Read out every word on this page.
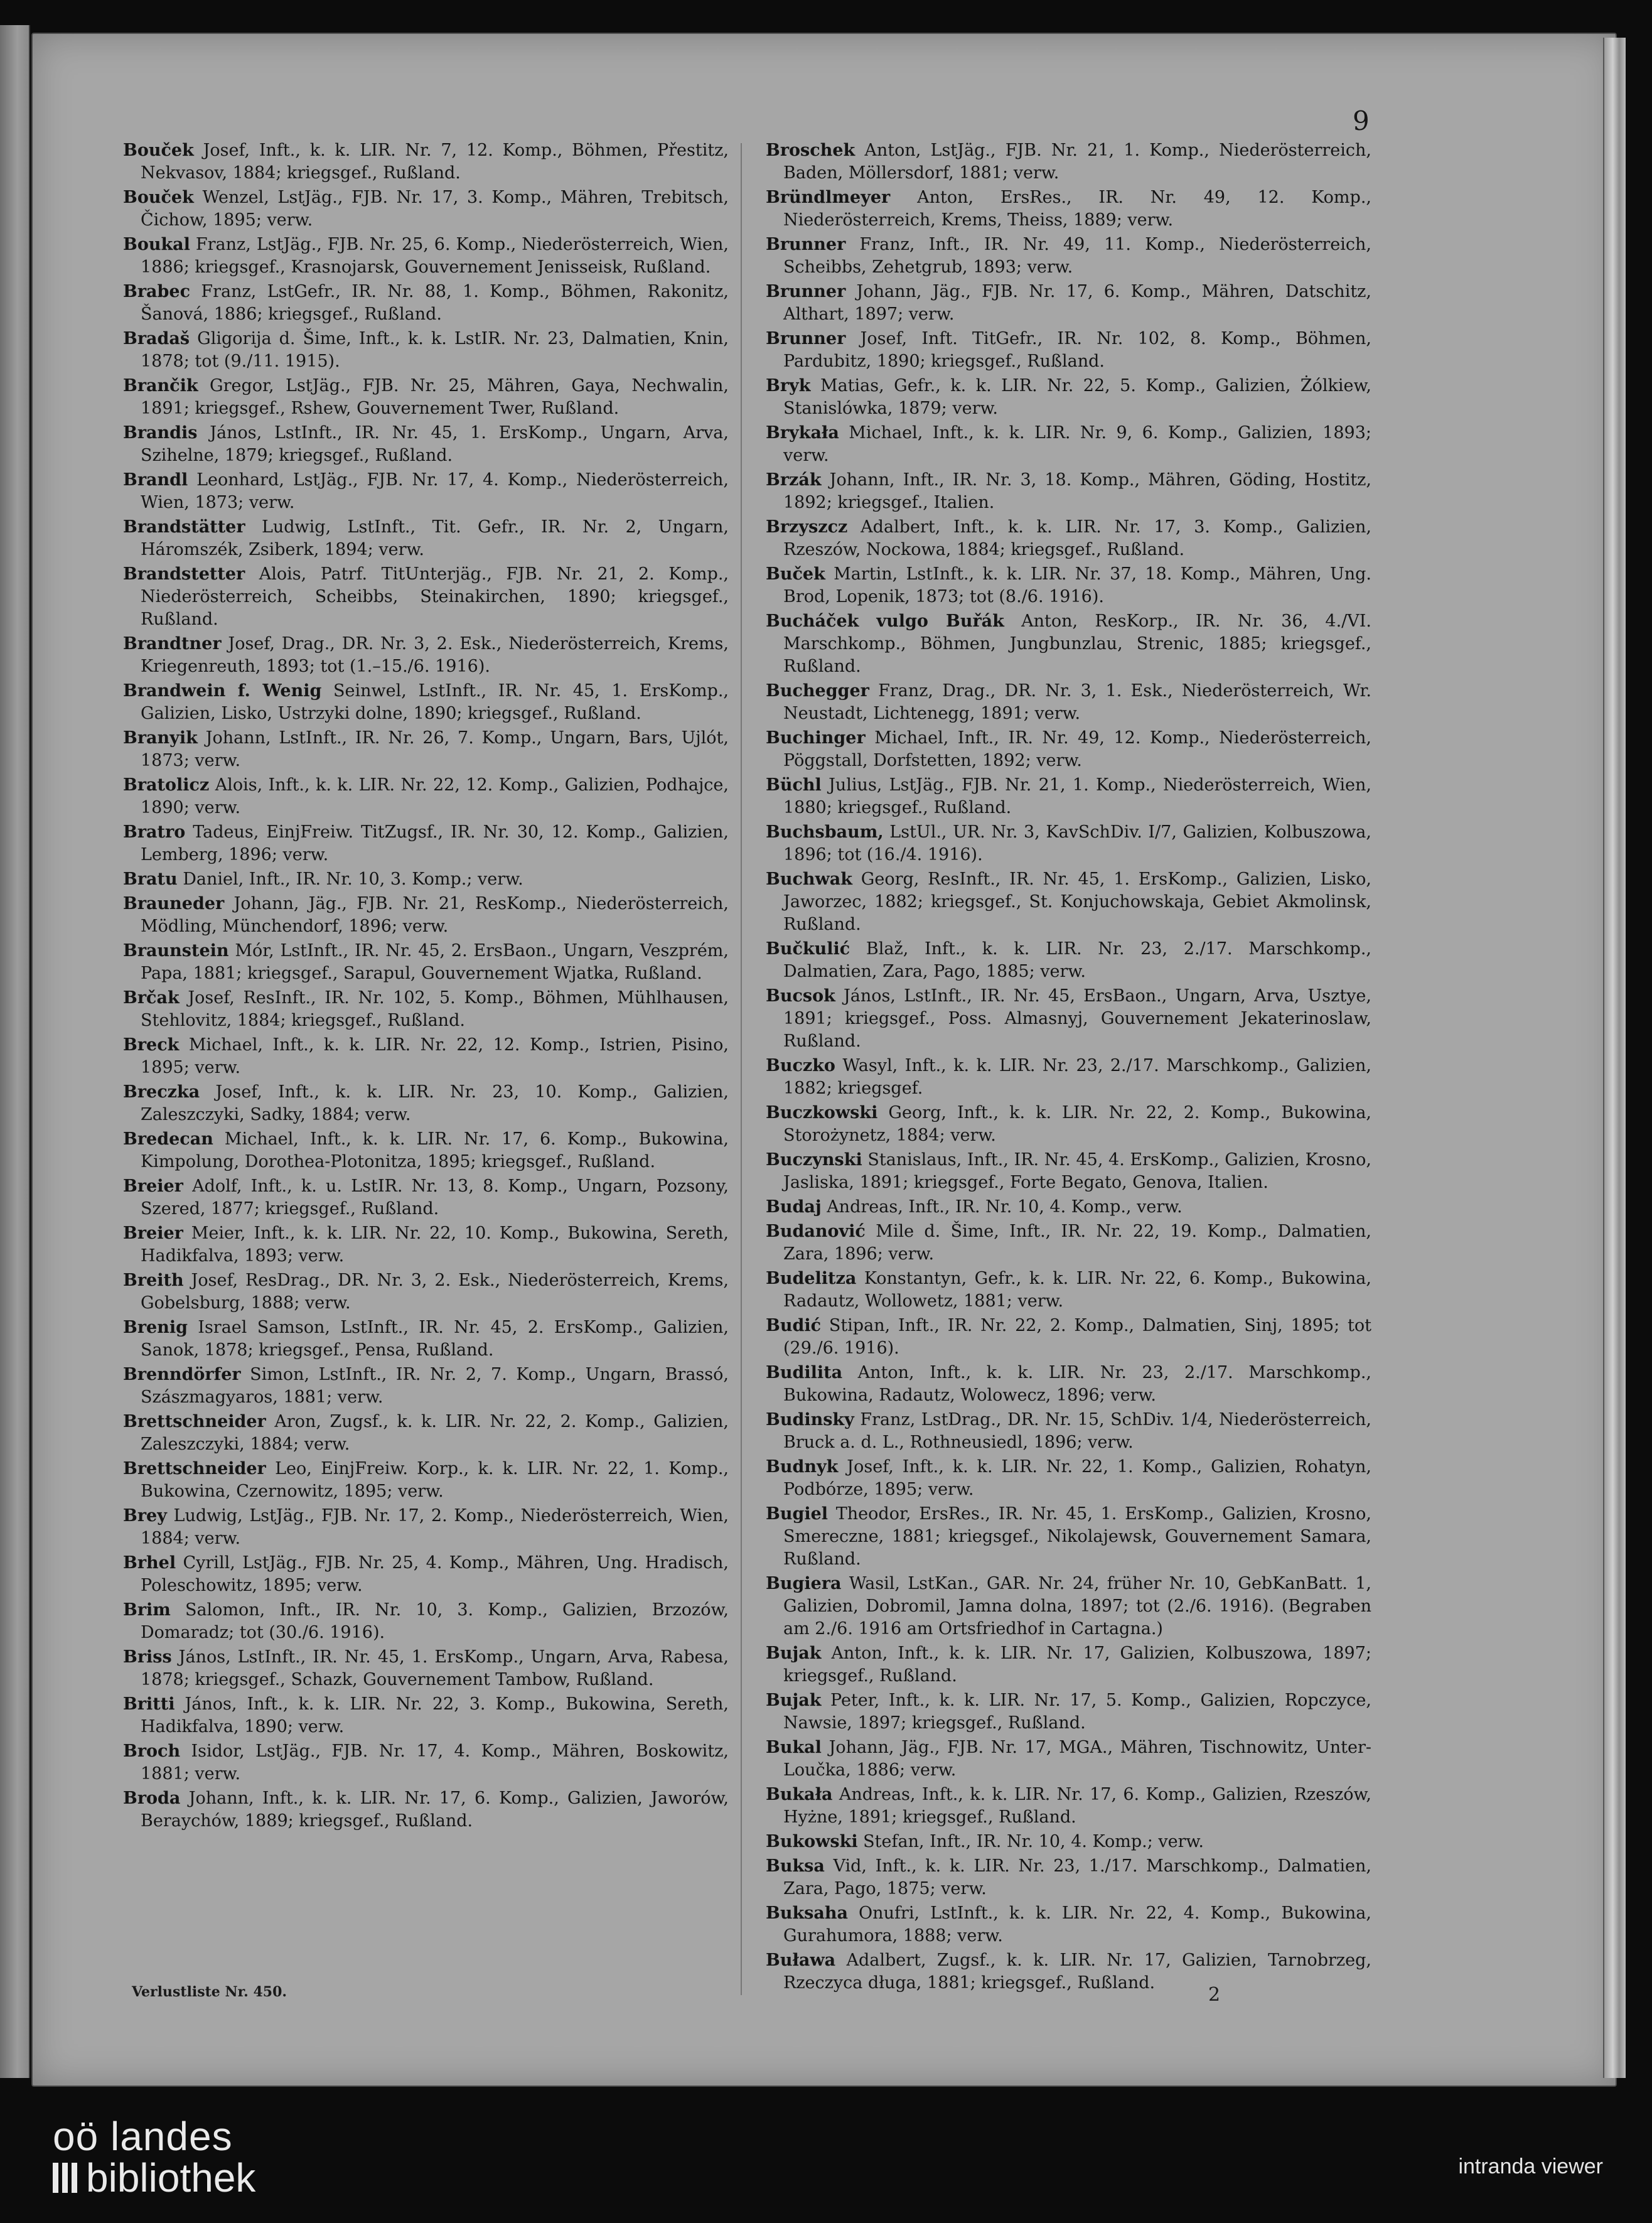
9

Bouček Josef, Inft., k. k. LIR. Nr. 7, 12. Komp., Böhmen, Přestitz, Nekvasov, 1884; kriegsgef., Rußland.

Bouček Wenzel, LstJäg., FJB. Nr. 17, 3. Komp., Mähren, Trebitsch, Čichow, 1895; verw.

Boukal Franz, LstJäg., FJB. Nr. 25, 6. Komp., Niederösterreich, Wien, 1886; kriegsgef., Krasnojarsk, Gouvernement Jenisseisk, Rußland.

Brabec Franz, LstGefr., IR. Nr. 88, 1. Komp., Böhmen, Rakonitz, Šanová, 1886; kriegsgef., Rußland.

Bradaš Gligorija d. Šime, Inft., k. k. LstIR. Nr. 23, Dalmatien, Knin, 1878; tot (9./11. 1915).

Brančik Gregor, LstJäg., FJB. Nr. 25, Mähren, Gaya, Nechwalin, 1891; kriegsgef., Rshew, Gouvernement Twer, Rußland.

Brandis János, LstInft., IR. Nr. 45, 1. ErsKomp., Ungarn, Arva, Szihelne, 1879; kriegsgef., Rußland.

Brandl Leonhard, LstJäg., FJB. Nr. 17, 4. Komp., Niederösterreich, Wien, 1873; verw.

Brandstätter Ludwig, LstInft., Tit. Gefr., IR. Nr. 2, Ungarn, Háromszék, Zsiberk, 1894; verw.

Brandstetter Alois, Patrf. TitUnterjäg., FJB. Nr. 21, 2. Komp., Niederösterreich, Scheibbs, Steinakirchen, 1890; kriegsgef., Rußland.

Brandtner Josef, Drag., DR. Nr. 3, 2. Esk., Niederösterreich, Krems, Kriegenreuth, 1893; tot (1.–15./6. 1916).

Brandwein f. Wenig Seinwel, LstInft., IR. Nr. 45, 1. ErsKomp., Galizien, Lisko, Ustrzyki dolne, 1890; kriegsgef., Rußland.

Branyik Johann, LstInft., IR. Nr. 26, 7. Komp., Ungarn, Bars, Ujlót, 1873; verw.

Bratolicz Alois, Inft., k. k. LIR. Nr. 22, 12. Komp., Galizien, Podhajce, 1890; verw.

Bratro Tadeus, EinjFreiw. TitZugsf., IR. Nr. 30, 12. Komp., Galizien, Lemberg, 1896; verw.

Bratu Daniel, Inft., IR. Nr. 10, 3. Komp.; verw.

Brauneder Johann, Jäg., FJB. Nr. 21, ResKomp., Niederösterreich, Mödling, Münchendorf, 1896; verw.

Braunstein Mór, LstInft., IR. Nr. 45, 2. ErsBaon., Ungarn, Veszprém, Papa, 1881; kriegsgef., Sarapul, Gouvernement Wjatka, Rußland.

Brčak Josef, ResInft., IR. Nr. 102, 5. Komp., Böhmen, Mühlhausen, Stehlovitz, 1884; kriegsgef., Rußland.

Breck Michael, Inft., k. k. LIR. Nr. 22, 12. Komp., Istrien, Pisino, 1895; verw.

Breczka Josef, Inft., k. k. LIR. Nr. 23, 10. Komp., Galizien, Zaleszczyki, Sadky, 1884; verw.

Bredecan Michael, Inft., k. k. LIR. Nr. 17, 6. Komp., Bukowina, Kimpolung, Dorothea-Plotonitza, 1895; kriegsgef., Rußland.

Breier Adolf, Inft., k. u. LstIR. Nr. 13, 8. Komp., Ungarn, Pozsony, Szered, 1877; kriegsgef., Rußland.

Breier Meier, Inft., k. k. LIR. Nr. 22, 10. Komp., Bukowina, Sereth, Hadikfalva, 1893; verw.

Breith Josef, ResDrag., DR. Nr. 3, 2. Esk., Niederösterreich, Krems, Gobelsburg, 1888; verw.

Brenig Israel Samson, LstInft., IR. Nr. 45, 2. ErsKomp., Galizien, Sanok, 1878; kriegsgef., Pensa, Rußland.

Brenndörfer Simon, LstInft., IR. Nr. 2, 7. Komp., Ungarn, Brassó, Szászmagyaros, 1881; verw.

Brettschneider Aron, Zugsf., k. k. LIR. Nr. 22, 2. Komp., Galizien, Zaleszczyki, 1884; verw.

Brettschneider Leo, EinjFreiw. Korp., k. k. LIR. Nr. 22, 1. Komp., Bukowina, Czernowitz, 1895; verw.

Brey Ludwig, LstJäg., FJB. Nr. 17, 2. Komp., Niederösterreich, Wien, 1884; verw.

Brhel Cyrill, LstJäg., FJB. Nr. 25, 4. Komp., Mähren, Ung. Hradisch, Poleschowitz, 1895; verw.

Brim Salomon, Inft., IR. Nr. 10, 3. Komp., Galizien, Brzozów, Domaradz; tot (30./6. 1916).

Briss János, LstInft., IR. Nr. 45, 1. ErsKomp., Ungarn, Arva, Rabesa, 1878; kriegsgef., Schazk, Gouvernement Tambow, Rußland.

Britti János, Inft., k. k. LIR. Nr. 22, 3. Komp., Bukowina, Sereth, Hadikfalva, 1890; verw.

Broch Isidor, LstJäg., FJB. Nr. 17, 4. Komp., Mähren, Boskowitz, 1881; verw.

Broda Johann, Inft., k. k. LIR. Nr. 17, 6. Komp., Galizien, Jaworów, Beraychów, 1889; kriegsgef., Rußland.

Broschek Anton, LstJäg., FJB. Nr. 21, 1. Komp., Niederösterreich, Baden, Möllersdorf, 1881; verw.

Bründlmeyer Anton, ErsRes., IR. Nr. 49, 12. Komp., Niederösterreich, Krems, Theiss, 1889; verw.

Brunner Franz, Inft., IR. Nr. 49, 11. Komp., Niederösterreich, Scheibbs, Zehetgrub, 1893; verw.

Brunner Johann, Jäg., FJB. Nr. 17, 6. Komp., Mähren, Datschitz, Althart, 1897; verw.

Brunner Josef, Inft. TitGefr., IR. Nr. 102, 8. Komp., Böhmen, Pardubitz, 1890; kriegsgef., Rußland.

Bryk Matias, Gefr., k. k. LIR. Nr. 22, 5. Komp., Galizien, Żólkiew, Stanislówka, 1879; verw.

Brykała Michael, Inft., k. k. LIR. Nr. 9, 6. Komp., Galizien, 1893; verw.

Brzák Johann, Inft., IR. Nr. 3, 18. Komp., Mähren, Göding, Hostitz, 1892; kriegsgef., Italien.

Brzyszcz Adalbert, Inft., k. k. LIR. Nr. 17, 3. Komp., Galizien, Rzeszów, Nockowa, 1884; kriegsgef., Rußland.

Buček Martin, LstInft., k. k. LIR. Nr. 37, 18. Komp., Mähren, Ung. Brod, Lopenik, 1873; tot (8./6. 1916).

Bucháček vulgo Buřák Anton, ResKorp., IR. Nr. 36, 4./VI. Marschkomp., Böhmen, Jungbunzlau, Strenic, 1885; kriegsgef., Rußland.

Buchegger Franz, Drag., DR. Nr. 3, 1. Esk., Niederösterreich, Wr. Neustadt, Lichtenegg, 1891; verw.

Buchinger Michael, Inft., IR. Nr. 49, 12. Komp., Niederösterreich, Pöggstall, Dorfstetten, 1892; verw.

Büchl Julius, LstJäg., FJB. Nr. 21, 1. Komp., Niederösterreich, Wien, 1880; kriegsgef., Rußland.

Buchsbaum, LstUl., UR. Nr. 3, KavSchDiv. I/7, Galizien, Kolbuszowa, 1896; tot (16./4. 1916).

Buchwak Georg, ResInft., IR. Nr. 45, 1. ErsKomp., Galizien, Lisko, Jaworzec, 1882; kriegsgef., St. Konjuchowskaja, Gebiet Akmolinsk, Rußland.

Bučkulić Blaž, Inft., k. k. LIR. Nr. 23, 2./17. Marschkomp., Dalmatien, Zara, Pago, 1885; verw.

Bucsok János, LstInft., IR. Nr. 45, ErsBaon., Ungarn, Arva, Usztye, 1891; kriegsgef., Poss. Almasnyj, Gouvernement Jekaterinoslaw, Rußland.

Buczko Wasyl, Inft., k. k. LIR. Nr. 23, 2./17. Marschkomp., Galizien, 1882; kriegsgef.

Buczkowski Georg, Inft., k. k. LIR. Nr. 22, 2. Komp., Bukowina, Storożynetz, 1884; verw.

Buczynski Stanislaus, Inft., IR. Nr. 45, 4. ErsKomp., Galizien, Krosno, Jasliska, 1891; kriegsgef., Forte Begato, Genova, Italien.

Budaj Andreas, Inft., IR. Nr. 10, 4. Komp., verw.

Budanović Mile d. Šime, Inft., IR. Nr. 22, 19. Komp., Dalmatien, Zara, 1896; verw.

Budelitza Konstantyn, Gefr., k. k. LIR. Nr. 22, 6. Komp., Bukowina, Radautz, Wollowetz, 1881; verw.

Budić Stipan, Inft., IR. Nr. 22, 2. Komp., Dalmatien, Sinj, 1895; tot (29./6. 1916).

Budilita Anton, Inft., k. k. LIR. Nr. 23, 2./17. Marschkomp., Bukowina, Radautz, Wolowecz, 1896; verw.

Budinsky Franz, LstDrag., DR. Nr. 15, SchDiv. 1/4, Niederösterreich, Bruck a. d. L., Rothneusiedl, 1896; verw.

Budnyk Josef, Inft., k. k. LIR. Nr. 22, 1. Komp., Galizien, Rohatyn, Podbórze, 1895; verw.

Bugiel Theodor, ErsRes., IR. Nr. 45, 1. ErsKomp., Galizien, Krosno, Smereczne, 1881; kriegsgef., Nikolajewsk, Gouvernement Samara, Rußland.

Bugiera Wasil, LstKan., GAR. Nr. 24, früher Nr. 10, GebKanBatt. 1, Galizien, Dobromil, Jamna dolna, 1897; tot (2./6. 1916). (Begraben am 2./6. 1916 am Ortsfriedhof in Cartagna.)

Bujak Anton, Inft., k. k. LIR. Nr. 17, Galizien, Kolbuszowa, 1897; kriegsgef., Rußland.

Bujak Peter, Inft., k. k. LIR. Nr. 17, 5. Komp., Galizien, Ropczyce, Nawsie, 1897; kriegsgef., Rußland.

Bukal Johann, Jäg., FJB. Nr. 17, MGA., Mähren, Tischnowitz, Unter-Loučka, 1886; verw.

Bukała Andreas, Inft., k. k. LIR. Nr. 17, 6. Komp., Galizien, Rzeszów, Hyżne, 1891; kriegsgef., Rußland.

Bukowski Stefan, Inft., IR. Nr. 10, 4. Komp.; verw.

Buksa Vid, Inft., k. k. LIR. Nr. 23, 1./17. Marschkomp., Dalmatien, Zara, Pago, 1875; verw.

Buksaha Onufri, LstInft., k. k. LIR. Nr. 22, 4. Komp., Bukowina, Gurahumora, 1888; verw.

Buława Adalbert, Zugsf., k. k. LIR. Nr. 17, Galizien, Tarnobrzeg, Rzeczyca długa, 1881; kriegsgef., Rußland.

Verlustliste Nr. 450.	2
oö landes
bibliothek	intranda viewer
